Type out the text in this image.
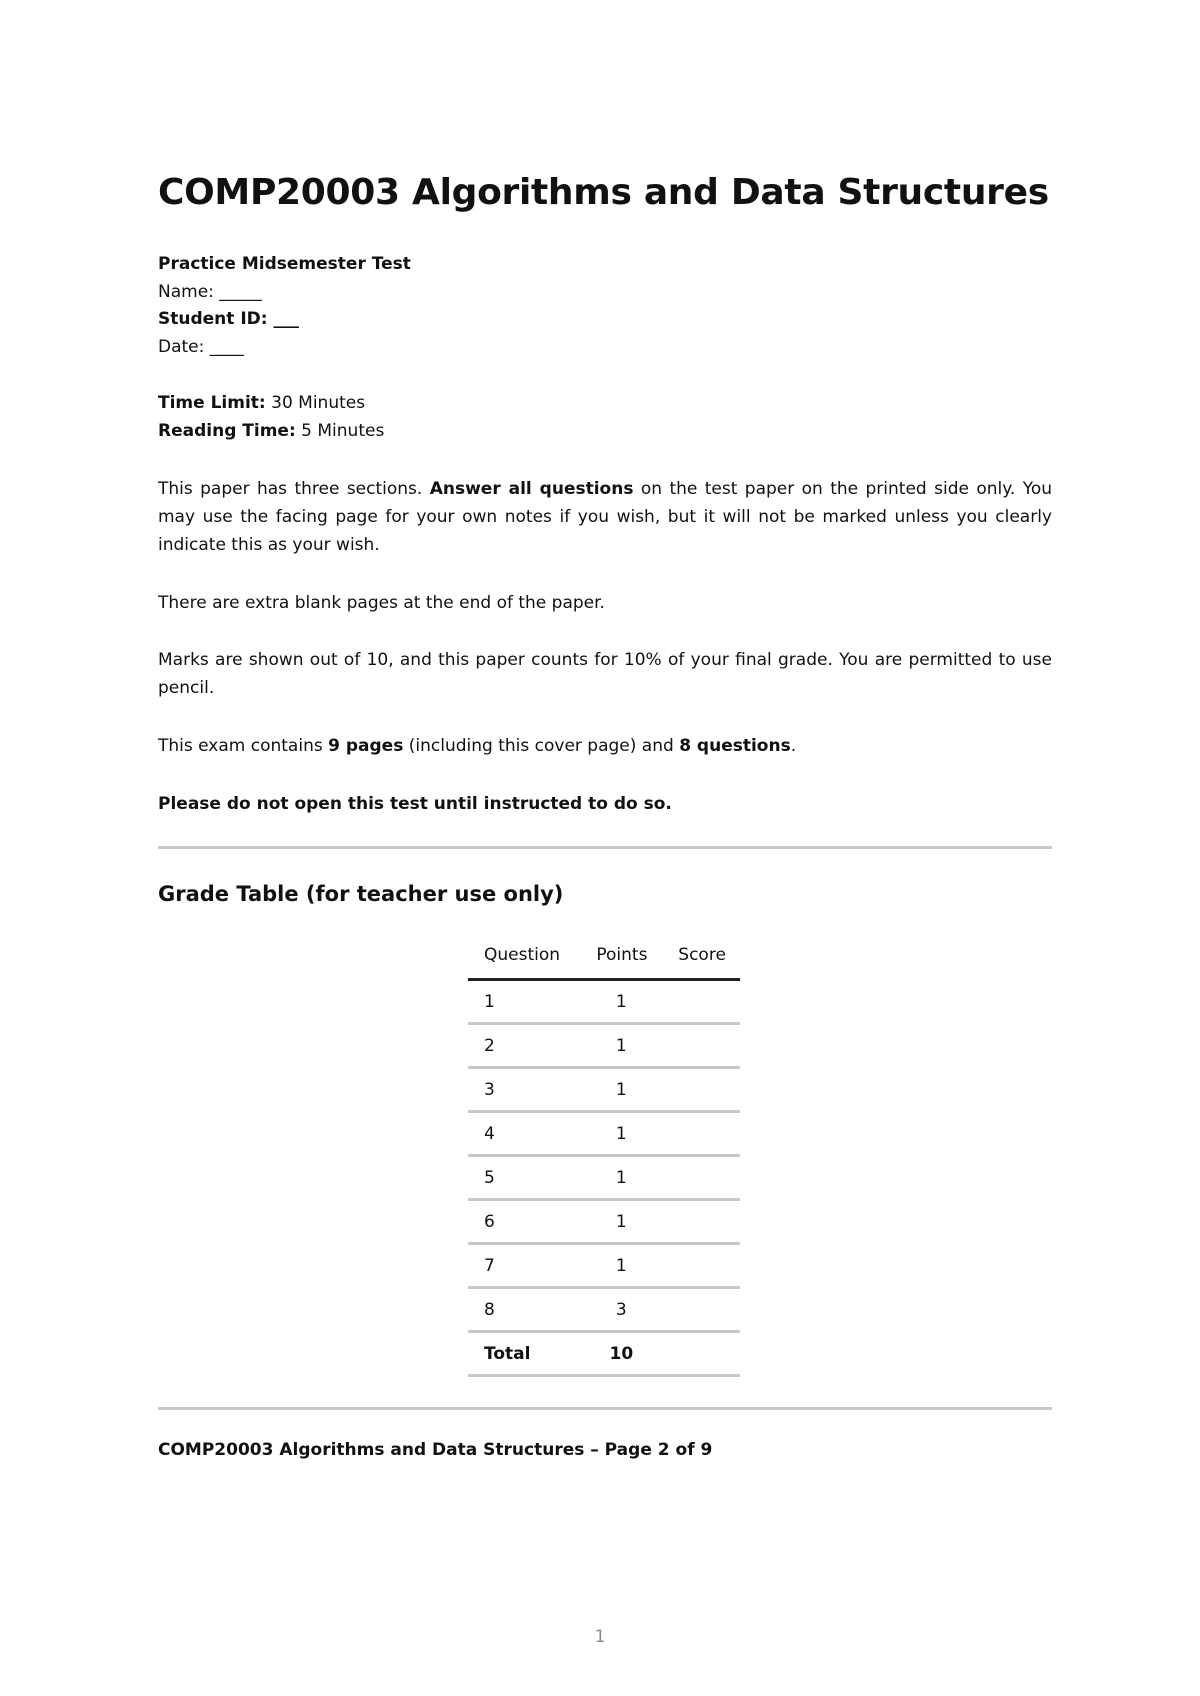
COMP20003 Algorithms and Data Structures
Practice Midsemester Test
Name: _____
Student ID: ___
Date: ____
Time Limit: 30 Minutes
Reading Time: 5 Minutes

This paper has three sections. Answer all questions on the test paper on the printed side only. You may use the facing page for your own notes if you wish, but it will not be marked unless you clearly indicate this as your wish.

There are extra blank pages at the end of the paper.

Marks are shown out of 10, and this paper counts for 10% of your final grade. You are permitted to use pencil.

This exam contains 9 pages (including this cover page) and 8 questions.

Please do not open this test until instructed to do so.

Grade Table (for teacher use only)
Question	Points	Score
1	1	
2	1	
3	1	
4	1	
5	1	
6	1	
7	1	
8	3	
Total	10	
COMP20003 Algorithms and Data Structures – Page 2 of 9
1
